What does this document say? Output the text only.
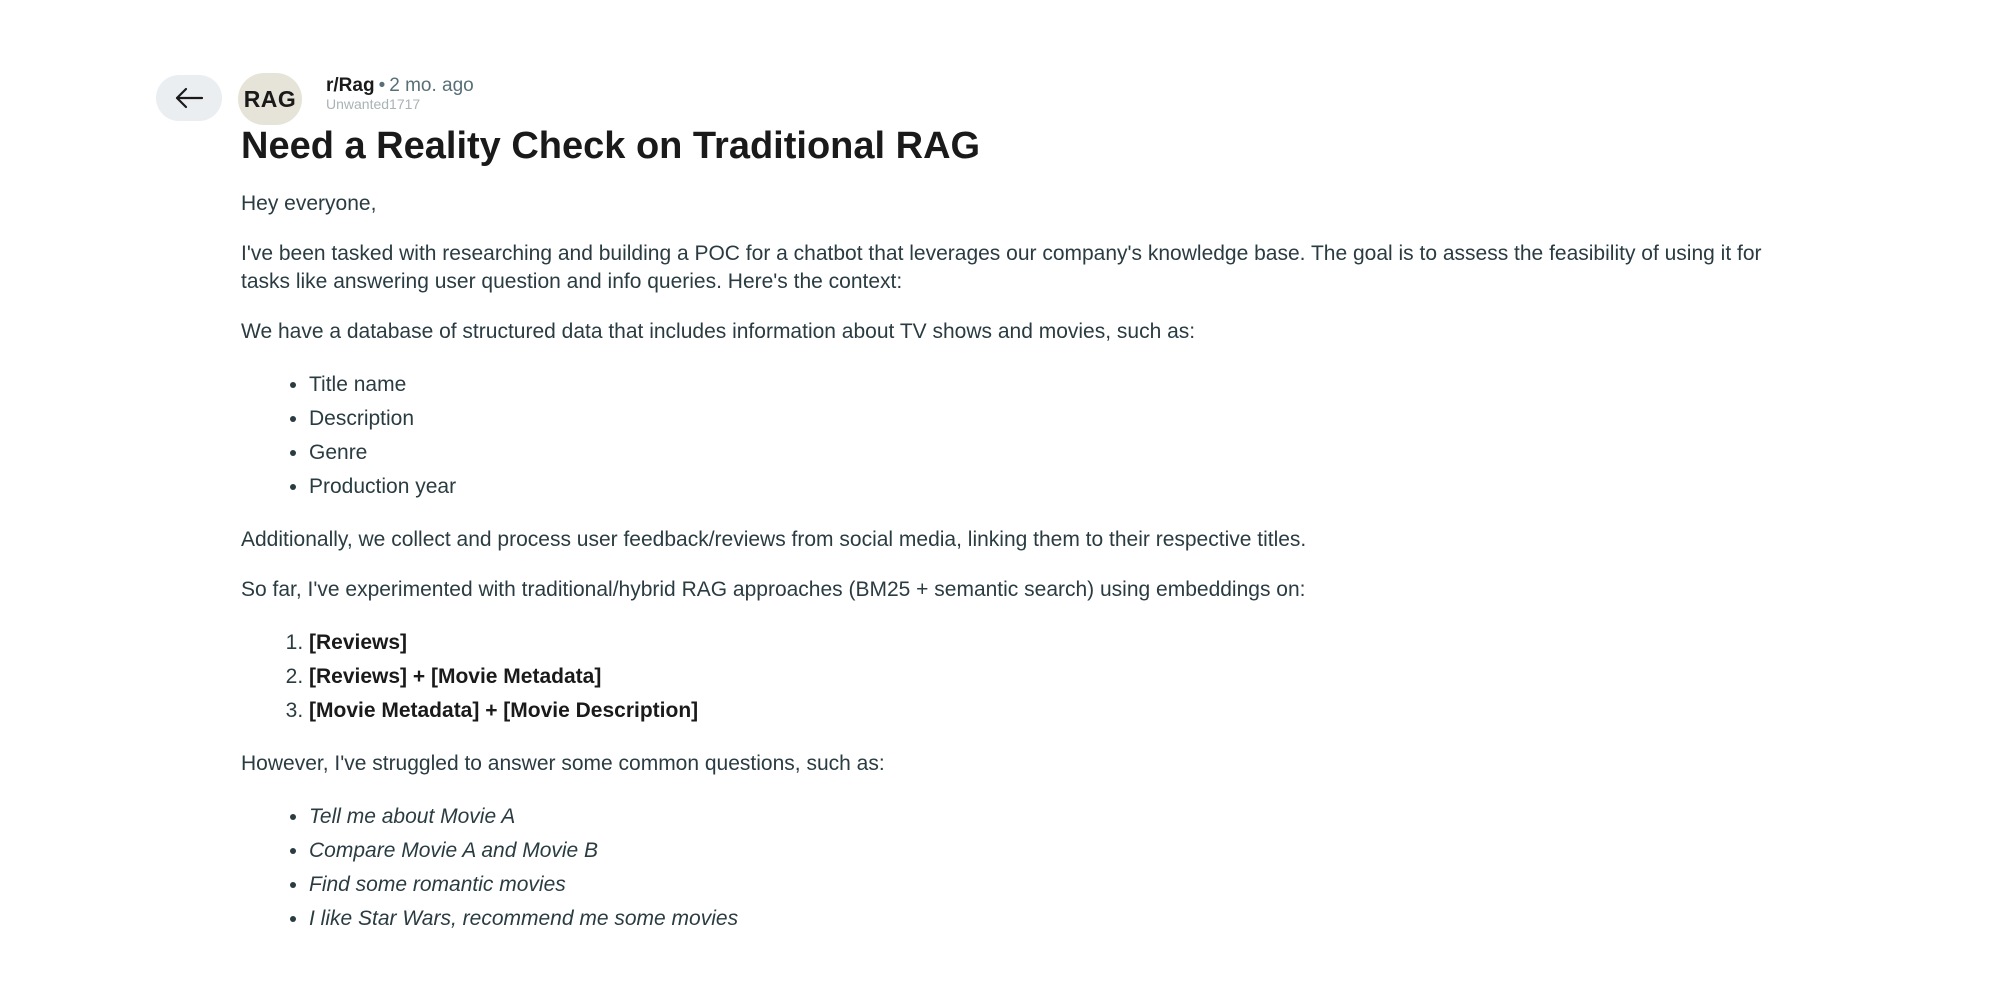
RAG r/Rag • 2 mo. ago
Unwanted1717
Need a Reality Check on Traditional RAG

Hey everyone,

I've been tasked with researching and building a POC for a chatbot that leverages our company's knowledge base. The goal is to assess the feasibility of using it for tasks like answering user question and info queries. Here's the context:

We have a database of structured data that includes information about TV shows and movies, such as:

• Title name
• Description
• Genre
• Production year

Additionally, we collect and process user feedback/reviews from social media, linking them to their respective titles.

So far, I've experimented with traditional/hybrid RAG approaches (BM25 + semantic search) using embeddings on:

1. [Reviews]
2. [Reviews] + [Movie Metadata]
3. [Movie Metadata] + [Movie Description]

However, I've struggled to answer some common questions, such as:

• Tell me about Movie A
• Compare Movie A and Movie B
• Find some romantic movies
• I like Star Wars, recommend me some movies
